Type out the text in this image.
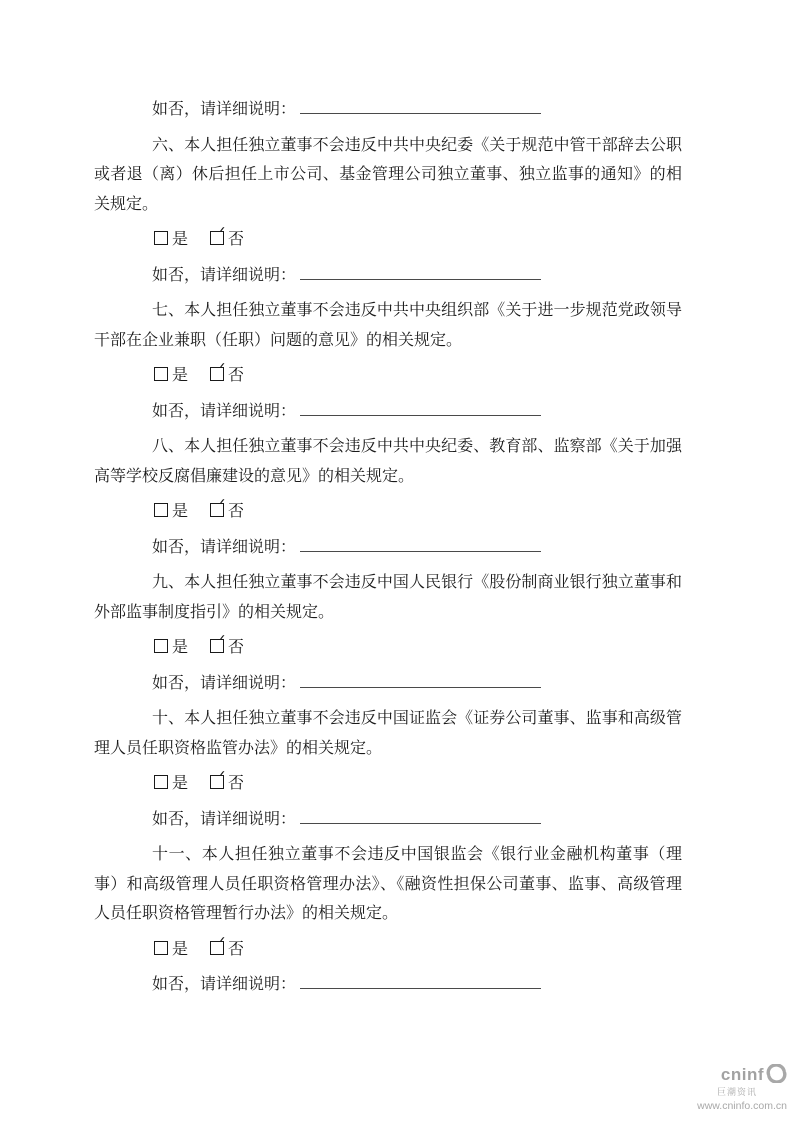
如否，请详细说明：

六、本人担任独立董事不会违反中共中央纪委《关于规范中管干部辞去公职或者退（离）休后担任上市公司、基金管理公司独立董事、独立监事的通知》的相关规定。

✓是	否

如否，请详细说明：

七、本人担任独立董事不会违反中共中央组织部《关于进一步规范党政领导干部在企业兼职（任职）问题的意见》的相关规定。

✓是	否

如否，请详细说明：

八、本人担任独立董事不会违反中共中央纪委、教育部、监察部《关于加强高等学校反腐倡廉建设的意见》的相关规定。

✓是	否

如否，请详细说明：

九、本人担任独立董事不会违反中国人民银行《股份制商业银行独立董事和外部监事制度指引》的相关规定。

✓是	否

如否，请详细说明：

十、本人担任独立董事不会违反中国证监会《证券公司董事、监事和高级管理人员任职资格监管办法》的相关规定。

✓是	否

如否，请详细说明：

十一、本人担任独立董事不会违反中国银监会《银行业金融机构董事（理事）和高级管理人员任职资格管理办法》、《融资性担保公司董事、监事、高级管理人员任职资格管理暂行办法》的相关规定。

✓是	否

如否，请详细说明：

cninf
巨潮资讯
www.cninfo.com.cn
